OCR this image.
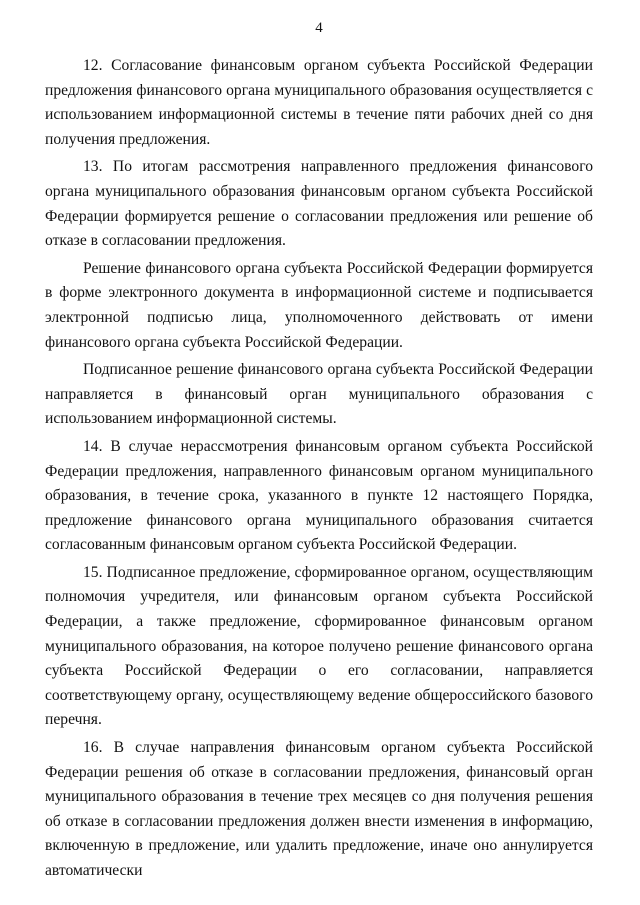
4

12. Согласование финансовым органом субъекта Российской Федерации предложения финансового органа муниципального образования осуществляется с использованием информационной системы в течение пяти рабочих дней со дня получения предложения.

13. По итогам рассмотрения направленного предложения финансового органа муниципального образования финансовым органом субъекта Российской Федерации формируется решение о согласовании предложения или решение об отказе в согласовании предложения.

Решение финансового органа субъекта Российской Федерации формируется в форме электронного документа в информационной системе и подписывается электронной подписью лица, уполномоченного действовать от имени финансового органа субъекта Российской Федерации.

Подписанное решение финансового органа субъекта Российской Федерации направляется в финансовый орган муниципального образования с использованием информационной системы.

14. В случае нерассмотрения финансовым органом субъекта Российской Федерации предложения, направленного финансовым органом муниципального образования, в течение срока, указанного в пункте 12 настоящего Порядка, предложение финансового органа муниципального образования считается согласованным финансовым органом субъекта Российской Федерации.

15. Подписанное предложение, сформированное органом, осуществляющим полномочия учредителя, или финансовым органом субъекта Российской Федерации, а также предложение, сформированное финансовым органом муниципального образования, на которое получено решение финансового органа субъекта Российской Федерации о его согласовании, направляется соответствующему органу, осуществляющему ведение общероссийского базового перечня.

16. В случае направления финансовым органом субъекта Российской Федерации решения об отказе в согласовании предложения, финансовый орган муниципального образования в течение трех месяцев со дня получения решения об отказе в согласовании предложения должен внести изменения в информацию, включенную в предложение, или удалить предложение, иначе оно аннулируется автоматически
